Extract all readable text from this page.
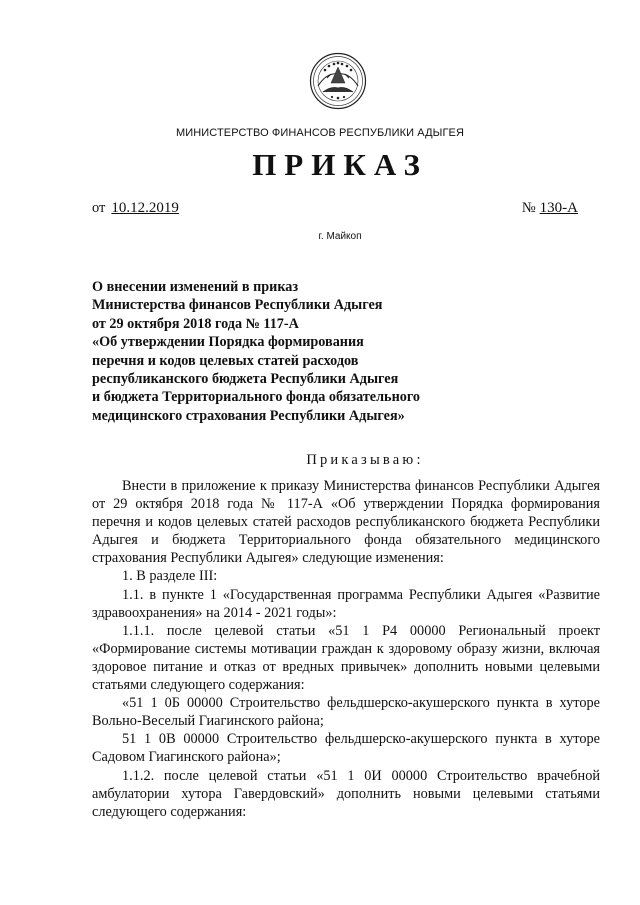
МИНИСТЕРСТВО ФИНАНСОВ РЕСПУБЛИКИ АДЫГЕЯ
ПРИКАЗ
от 10.12.2019	№ 130-А
г. Майкоп
О внесении изменений в приказ
Министерства финансов Республики Адыгея
от 29 октября 2018 года № 117-А
«Об утверждении Порядка формирования
перечня и кодов целевых статей расходов
республиканского бюджета Республики Адыгея
и бюджета Территориального фонда обязательного
медицинского страхования Республики Адыгея»
Приказываю:

Внести в приложение к приказу Министерства финансов Республики Адыгея от 29 октября 2018 года № 117-А «Об утверждении Порядка формирования перечня и кодов целевых статей расходов республиканского бюджета Республики Адыгея и бюджета Территориального фонда обязательного медицинского страхования Республики Адыгея» следующие изменения:

1. В разделе III:

1.1. в пункте 1 «Государственная программа Республики Адыгея «Развитие здравоохранения» на 2014 - 2021 годы»:

1.1.1. после целевой статьи «51 1 Р4 00000 Региональный проект «Формирование системы мотивации граждан к здоровому образу жизни, включая здоровое питание и отказ от вредных привычек» дополнить новыми целевыми статьями следующего содержания:

«51 1 0Б 00000 Строительство фельдшерско-акушерского пункта в хуторе Вольно-Веселый Гиагинского района;

51 1 0В 00000 Строительство фельдшерско-акушерского пункта в хуторе Садовом Гиагинского района»;

1.1.2. после целевой статьи «51 1 0И 00000 Строительство врачебной амбулатории хутора Гавердовский» дополнить новыми целевыми статьями следующего содержания:
